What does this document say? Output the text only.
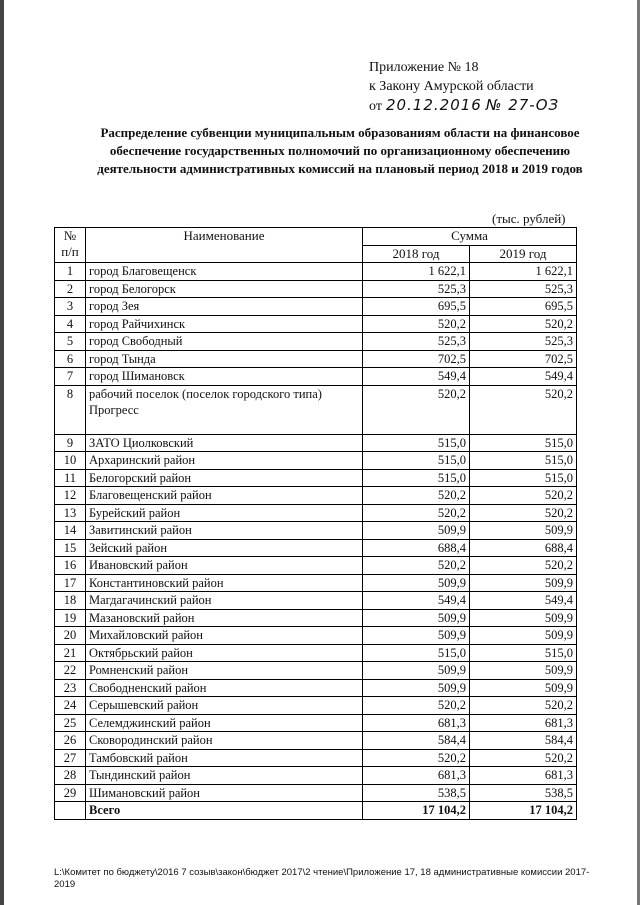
Приложение № 18
к Закону Амурской области
от 20.12.2016 № 27-ОЗ
Распределение субвенции муниципальным образованиям области на финансовое обеспечение государственных полномочий по организационному обеспечению деятельности административных комиссий на плановый период 2018 и 2019 годов
(тыс. рублей)
№ п/п	Наименование	Сумма	
		2018 год	2019 год
1	город Благовещенск	1 622,1	1 622,1
2	город Белогорск	525,3	525,3
3	город Зея	695,5	695,5
4	город Райчихинск	520,2	520,2
5	город Свободный	525,3	525,3
6	город Тында	702,5	702,5
7	город Шимановск	549,4	549,4
8	рабочий поселок (поселок городского типа) Прогресс	520,2	520,2
9	ЗАТО Циолковский	515,0	515,0
10	Архаринский район	515,0	515,0
11	Белогорский район	515,0	515,0
12	Благовещенский район	520,2	520,2
13	Бурейский район	520,2	520,2
14	Завитинский район	509,9	509,9
15	Зейский район	688,4	688,4
16	Ивановский район	520,2	520,2
17	Константиновский район	509,9	509,9
18	Магдагачинский район	549,4	549,4
19	Мазановский район	509,9	509,9
20	Михайловский район	509,9	509,9
21	Октябрьский район	515,0	515,0
22	Ромненский район	509,9	509,9
23	Свободненский район	509,9	509,9
24	Серышевский район	520,2	520,2
25	Селемджинский район	681,3	681,3
26	Сковородинский район	584,4	584,4
27	Тамбовский район	520,2	520,2
28	Тындинский район	681,3	681,3
29	Шимановский район	538,5	538,5
	Всего	17 104,2	17 104,2
L:\Комитет по бюджету\2016 7 созыв\закон\бюджет 2017\2 чтение\Приложение 17, 18 административные комиссии 2017-2019
